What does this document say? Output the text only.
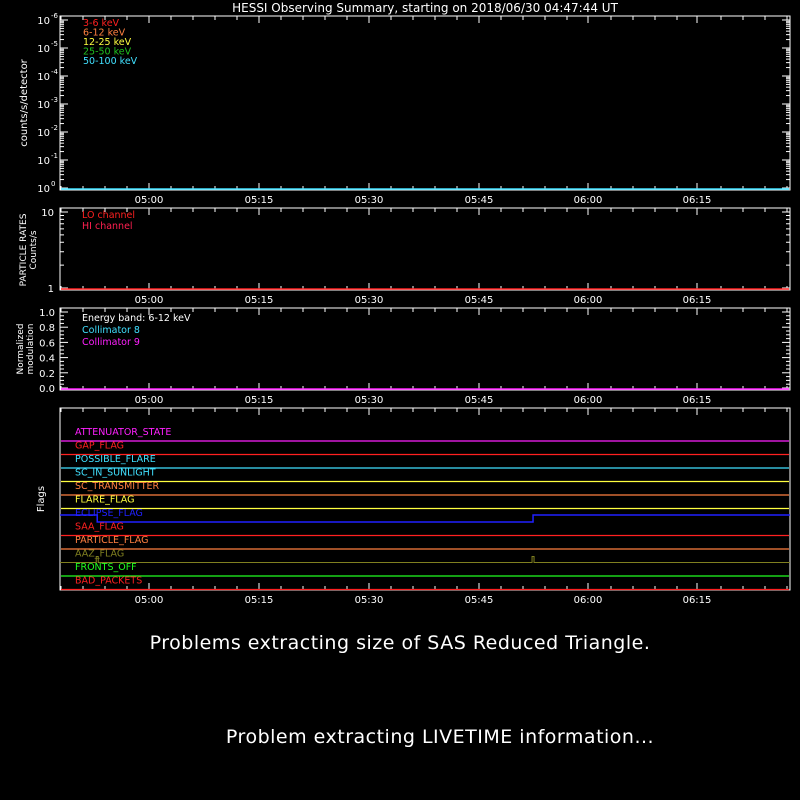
HESSI Observing Summary, starting on 2018/06/30 04:47:44 UT
05:00	05:15	05:30	05:45	06:00	06:15
10 -6
10 -5
10 -4
10 -3
10 -2
10 -1
10 0
counts/s/detector
3-6 keV
6-12 keV
12-25 keV
25-50 keV
50-100 keV
05:00	05:15	05:30	05:45	06:00	06:15
10
1
PARTICLE RATES Counts/s
LO channel
HI channel
05:00	05:15	05:30	05:45	06:00	06:15
1.0
0.8
0.6
0.4
0.2
0.0
Normalized modulation
Energy band: 6-12 keV
Collimator 8
Collimator 9
05:00	05:15	05:30	05:45	06:00	06:15
Flags
ATTENUATOR_STATE
GAP_FLAG
POSSIBLE_FLARE
SC_IN_SUNLIGHT
SC_TRANSMITTER
FLARE_FLAG
ECLIPSE_FLAG
SAA_FLAG
PARTICLE_FLAG
AAZ_FLAG
FRONTS_OFF
BAD_PACKETS
Problems extracting size of SAS Reduced Triangle.
Problem extracting LIVETIME information...
